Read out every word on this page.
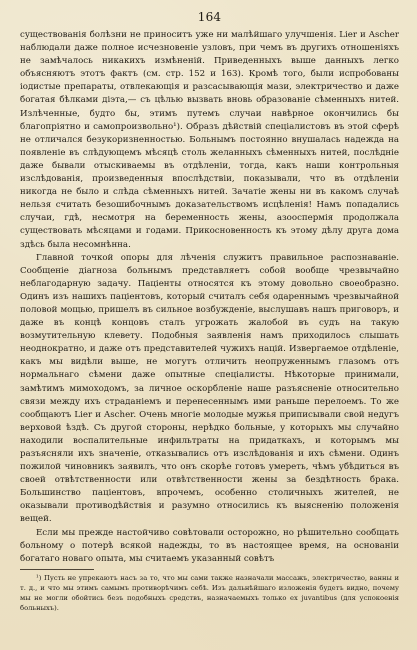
164

существованія болѣзни не приноситъ уже ни малѣйшаго улучшенія. Lier и Ascher наблюдали даже полное исчезновеніе узловъ, при чемъ въ другихъ отношеніяхъ не замѣчалось никакихъ измѣненій. Приведенныхъ выше данныхъ легко объясняютъ этотъ фактъ (см. стр. 152 и 163). Кромѣ того, были испробованы іодистые препараты, отвлекающія и разсасывающія мази, электричество и даже богатая бѣлками діэта,— съ цѣлью вызвать вновь образованіе сѣменныхъ нитей. Излѣченные, будто бы, этимъ путемъ случаи навѣрное окончились бы благопріятно и самопроизвольно¹). Образъ дѣйствій спеціалистовъ въ этой сферѣ не отличался безукоризненностью. Больнымъ постоянно внушалась надежда на появленіе въ слѣдующемъ мѣсяцѣ столь желанныхъ сѣменныхъ нитей, послѣдніе даже бывали отыскиваемы въ отдѣленіи, тогда, какъ наши контрольныя изслѣдованія, произведенныя впослѣдствіи, показывали, что въ отдѣленіи никогда не было и слѣда сѣменныхъ нитей. Зачатіе жены ни въ какомъ случаѣ нельзя считать безошибочнымъ доказательствомъ исцѣленія! Намъ попадались случаи, гдѣ, несмотря на беременность жены, азооспермія продолжала существовать мѣсяцами и годами. Прикосновенность къ этому дѣлу друга дома здѣсь была несомнѣнна.

Главной точкой опоры для лѣченія служитъ правильное распознаваніе. Сообщеніе діагноза больнымъ представляетъ собой вообще чрезвычайно неблагодарную задачу. Паціенты относятся къ этому довольно своеобразно. Одинъ изъ нашихъ паціентовъ, который считалъ себя одареннымъ чрезвычайной половой мощью, пришелъ въ сильное возбужденіе, выслушавъ нашъ приговоръ, и даже въ концѣ концовъ сталъ угрожать жалобой въ судъ на такую возмутительную клевету. Подобныя заявленія намъ приходилось слышать неоднократно, и даже отъ представителей чужихъ націй. Извергаемое отдѣленіе, какъ мы видѣли выше, не могутъ отличить неопруженнымъ глазомъ отъ нормальнаго сѣмени даже опытные спеціалисты. Нѣкоторые принимали, замѣтимъ мимоходомъ, за личное оскорбленіе наше разъясненіе относительно связи между ихъ страданіемъ и перенесеннымъ ими раньше перелоемъ. То же сообщаютъ Lier и Ascher. Очень многіе молодые мужья приписывали свой недугъ верховой ѣздѣ. Съ другой стороны, нерѣдко больные, у которыхъ мы случайно находили воспалительные инфильтраты на придаткахъ, и которымъ мы разъясняли ихъ значеніе, отказывались отъ изслѣдованія и ихъ сѣмени. Одинъ пожилой чиновникъ заявилъ, что онъ скорѣе готовъ умереть, чѣмъ убѣдиться въ своей отвѣтственности или отвѣтственности жены за бездѣтность брака. Большинство паціентовъ, впрочемъ, особенно столичныхъ жителей, не оказывали противодѣйствія и разумно относились къ выясненію положенія вещей.

Если мы прежде настойчиво совѣтовали осторожно, но рѣшительно сообщать больному о потерѣ всякой надежды, то въ настоящее время, на основаніи богатаго новаго опыта, мы считаемъ указанный совѣтъ

¹) Пусть не упрекаютъ насъ за то, что мы сами также назначали массажъ, электричество, ванны и т. д., и что мы этимъ самымъ противорѣчимъ себѣ. Изъ дальнѣйшаго изложенія будетъ видно, почему мы не могли обойтись безъ подобныхъ средствъ, назначаемыхъ только ex juvantibus (для успокоенія больныхъ).
